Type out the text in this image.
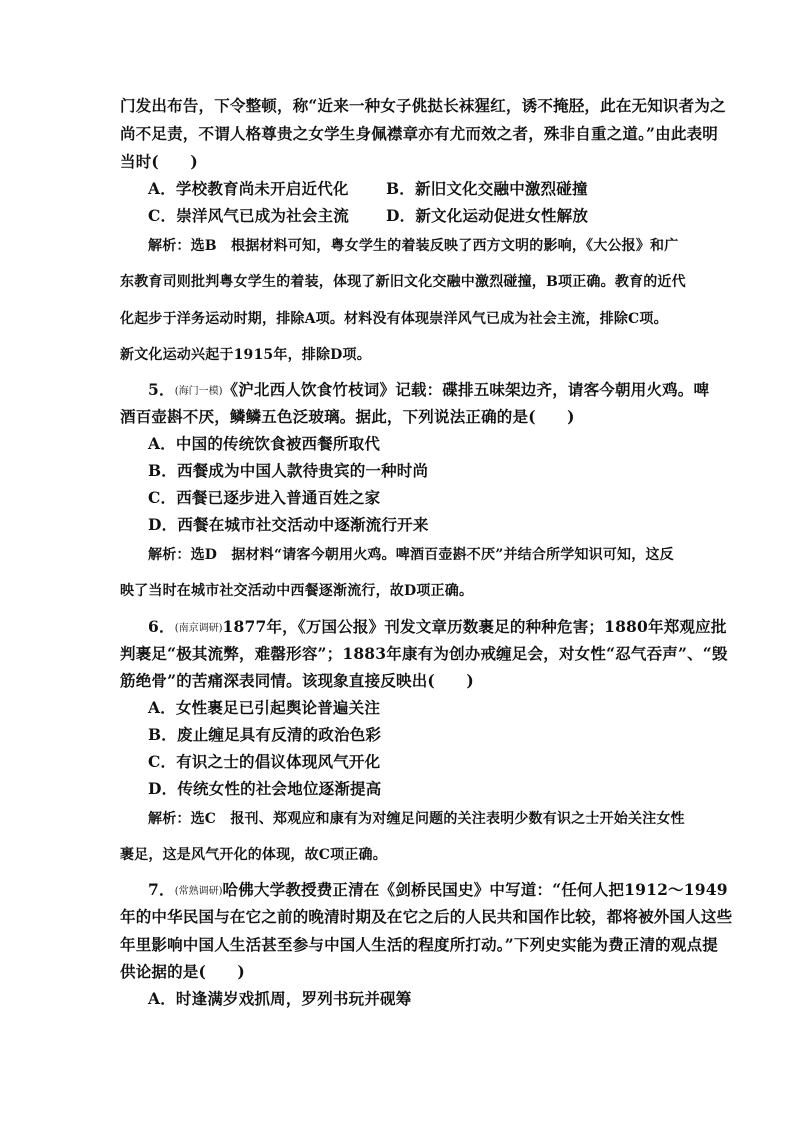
门发出布告，下令整顿，称“近来一种女子佻挞长袜猩红，诱不掩胫，此在无知识者为之
尚不足责，不谓人格尊贵之女学生身佩襟章亦有尤而效之者，殊非自重之道。”由此表明
当时(　　)
A．学校教育尚未开启近代化 B．新旧文化交融中激烈碰撞
C．崇洋风气已成为社会主流 D．新文化运动促进女性解放
解析：选B　 根据材料可知，粤女学生的着装反映了西方文明的影响，《大公报》和广
东教育司则批判粤女学生的着装，体现了新旧文化交融中激烈碰撞，B项正确。教育的近代
化起步于洋务运动时期，排除A项。材料没有体现崇洋风气已成为社会主流，排除C项。
新文化运动兴起于1915年，排除D项。
5．(海门一模)《沪北西人饮食竹枝词》记载：碟排五味架边齐，请客今朝用火鸡。啤
酒百壶斟不厌，鳞鳞五色泛玻璃。据此，下列说法正确的是(　　)
A．中国的传统饮食被西餐所取代
B．西餐成为中国人款待贵宾的一种时尚
C．西餐已逐步进入普通百姓之家
D．西餐在城市社交活动中逐渐流行开来
解析：选D　 据材料“请客今朝用火鸡。啤酒百壶斟不厌”并结合所学知识可知，这反
映了当时在城市社交活动中西餐逐渐流行，故D项正确。
6．(南京调研)1877年，《万国公报》刊发文章历数裹足的种种危害；1880年郑观应批
判裹足“极其流弊，难罄形容”；1883年康有为创办戒缠足会，对女性“忍气吞声”、“毁
筋绝骨”的苦痛深表同情。该现象直接反映出(　　)
A．女性裹足已引起舆论普遍关注
B．废止缠足具有反清的政治色彩
C．有识之士的倡议体现风气开化
D．传统女性的社会地位逐渐提高
解析：选C　 报刊、郑观应和康有为对缠足问题的关注表明少数有识之士开始关注女性
裹足，这是风气开化的体现，故C项正确。
7．(常熟调研)哈佛大学教授费正清在《剑桥民国史》中写道：“任何人把1912～1949
年的中华民国与在它之前的晚清时期及在它之后的人民共和国作比较，都将被外国人这些
年里影响中国人生活甚至参与中国人生活的程度所打动。”下列史实能为费正清的观点提
供论据的是(　　)
A．时逢满岁戏抓周，罗列书玩并砚筹
